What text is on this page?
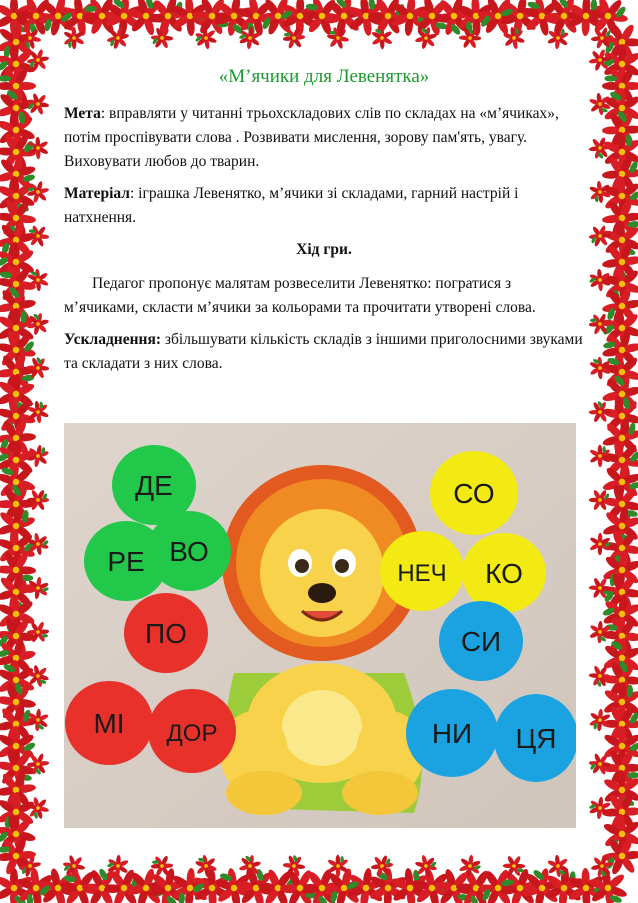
«М’ячики для Левенятка»

Мета: вправляти у читанні трьохскладових слів по складах на «м’ячиках», потім проспівувати слова . Розвивати мислення, зорову пам'ять, увагу. Виховувати любов до тварин.

Матеріал: іграшка Левенятко, м’ячики зі складами, гарний настрій і натхнення.

Хід гри.

Педагог пропонує малятам розвеселити Левенятко: погратися з м’ячиками, скласти м’ячики за кольорами та прочитати утворені слова.

Ускладнення: збільшувати кількість складів з іншими приголосними звуками та складати з них слова.

ДЕ
РЕ ВО
ПО
МІ ДОР
СО
НЕЧ КО
СИ
НИ ЦЯ
